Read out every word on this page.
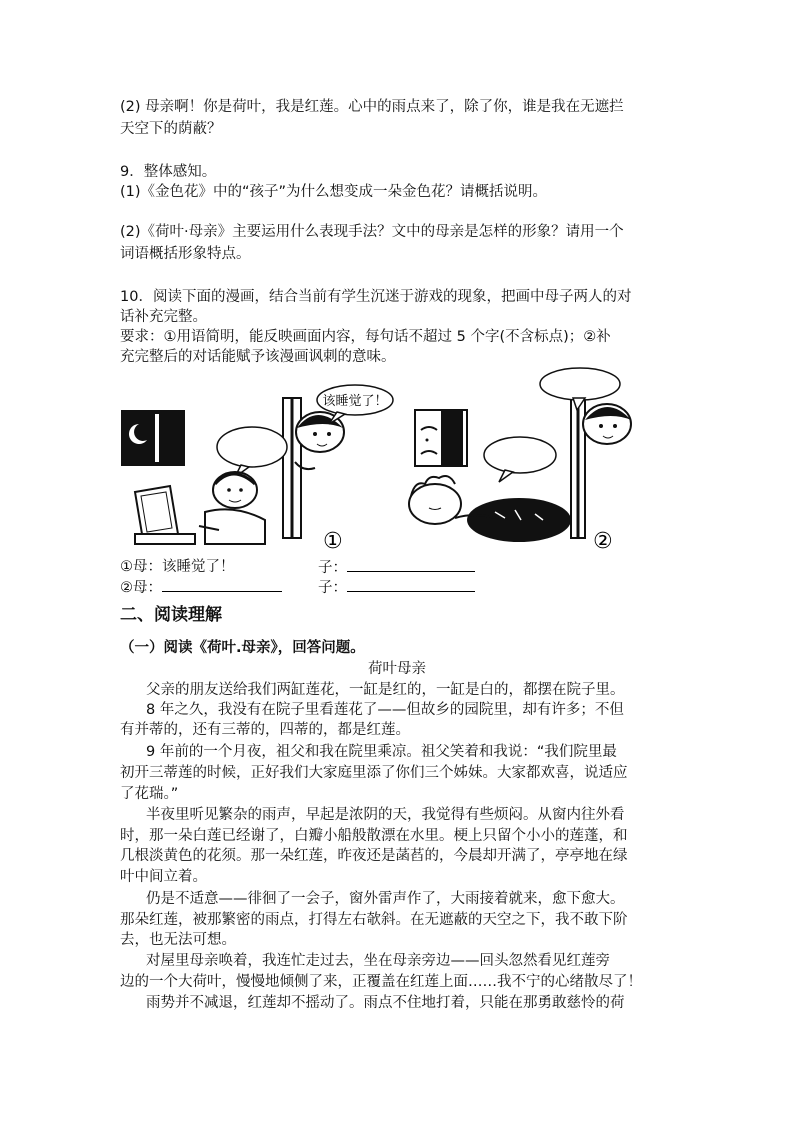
(2) 母亲啊！你是荷叶，我是红莲。心中的雨点来了，除了你，谁是我在无遮拦
天空下的荫蔽？
9．整体感知。
(1)《金色花》中的“孩子”为什么想变成一朵金色花？请概括说明。
(2)《荷叶·母亲》主要运用什么表现手法？文中的母亲是怎样的形象？请用一个
词语概括形象特点。
10．阅读下面的漫画，结合当前有学生沉迷于游戏的现象，把画中母子两人的对
话补充完整。
要求：①用语简明，能反映画面内容，每句话不超过 5 个字(不含标点)；②补
充完整后的对话能赋予该漫画讽刺的意味。
该睡觉了！
①	②
①母：该睡觉了！	子：
②母：	子：
二、阅读理解
（一）阅读《荷叶.母亲》，回答问题。
荷叶母亲
父亲的朋友送给我们两缸莲花，一缸是红的，一缸是白的，都摆在院子里。
8 年之久，我没有在院子里看莲花了——但故乡的园院里，却有许多；不但
有并蒂的，还有三蒂的，四蒂的，都是红莲。
9 年前的一个月夜，祖父和我在院里乘凉。祖父笑着和我说：“我们院里最
初开三蒂莲的时候，正好我们大家庭里添了你们三个姊妹。大家都欢喜，说适应
了花瑞。”
半夜里听见繁杂的雨声，早起是浓阴的天，我觉得有些烦闷。从窗内往外看
时，那一朵白莲已经谢了，白瓣小船般散漂在水里。梗上只留个小小的莲蓬，和
几根淡黄色的花须。那一朵红莲，昨夜还是菡萏的，今晨却开满了，亭亭地在绿
叶中间立着。
仍是不适意——徘徊了一会子，窗外雷声作了，大雨接着就来，愈下愈大。
那朵红莲，被那繁密的雨点，打得左右欹斜。在无遮蔽的天空之下，我不敢下阶
去，也无法可想。
对屋里母亲唤着，我连忙走过去，坐在母亲旁边——回头忽然看见红莲旁
边的一个大荷叶，慢慢地倾侧了来，正覆盖在红莲上面……我不宁的心绪散尽了！
雨势并不减退，红莲却不摇动了。雨点不住地打着，只能在那勇敢慈怜的荷
